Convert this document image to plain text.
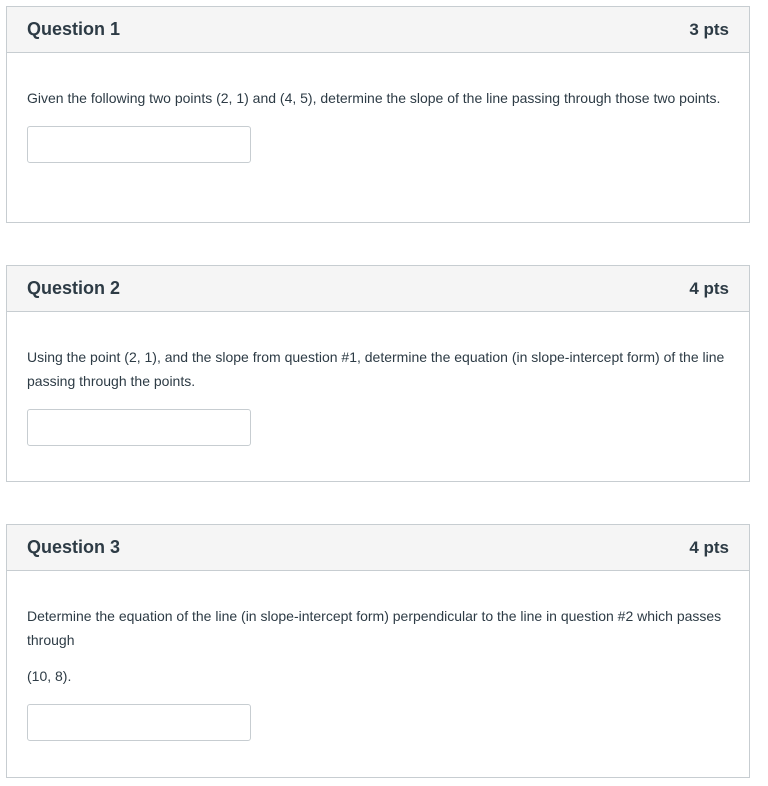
Question 1	3 pts

Given the following two points (2, 1) and (4, 5), determine the slope of the line passing through those two points.

Question 2	4 pts

Using the point (2, 1), and the slope from question #1, determine the equation (in slope-intercept form) of the line passing through the points.

Question 3	4 pts

Determine the equation of the line (in slope-intercept form) perpendicular to the line in question #2 which passes through

(10, 8).
